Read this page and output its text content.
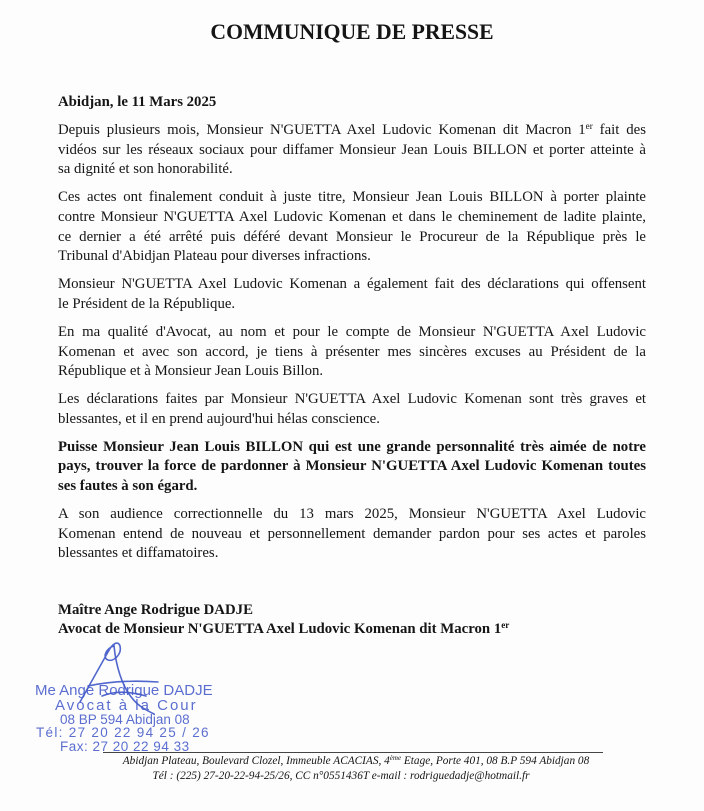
COMMUNIQUE DE PRESSE
Abidjan, le 11 Mars 2025
Depuis plusieurs mois, Monsieur N'GUETTA Axel Ludovic Komenan dit Macron 1er fait des
vidéos sur les réseaux sociaux pour diffamer Monsieur Jean Louis BILLON et porter atteinte à
sa dignité et son honorabilité.
Ces actes ont finalement conduit à juste titre, Monsieur Jean Louis BILLON à porter plainte
contre Monsieur N'GUETTA Axel Ludovic Komenan et dans le cheminement de ladite plainte,
ce dernier a été arrêté puis déféré devant Monsieur le Procureur de la République près le
Tribunal d'Abidjan Plateau pour diverses infractions.
Monsieur N'GUETTA Axel Ludovic Komenan a également fait des déclarations qui offensent
le Président de la République.
En ma qualité d'Avocat, au nom et pour le compte de Monsieur N'GUETTA Axel Ludovic
Komenan et avec son accord, je tiens à présenter mes sincères excuses au Président de la
République et à Monsieur Jean Louis Billon.
Les déclarations faites par Monsieur N'GUETTA Axel Ludovic Komenan sont très graves et
blessantes, et il en prend aujourd'hui hélas conscience.
Puisse Monsieur Jean Louis BILLON qui est une grande personnalité très aimée de notre
pays, trouver la force de pardonner à Monsieur N'GUETTA Axel Ludovic Komenan toutes
ses fautes à son égard.
A son audience correctionnelle du 13 mars 2025, Monsieur N'GUETTA Axel Ludovic
Komenan entend de nouveau et personnellement demander pardon pour ses actes et paroles
blessantes et diffamatoires.
Maître Ange Rodrigue DADJE
Avocat de Monsieur N'GUETTA Axel Ludovic Komenan dit Macron 1er
Me Ange Rodrigue DADJE
Avocat à la Cour
08 BP 594 Abidjan 08
Tél: 27 20 22 94 25 / 26
Fax: 27 20 22 94 33
Abidjan Plateau, Boulevard Clozel, Immeuble ACACIAS, 4ème Etage, Porte 401, 08 B.P 594 Abidjan 08
Tél : (225) 27-20-22-94-25/26, CC n°0551436T e-mail : rodriguedadje@hotmail.fr
